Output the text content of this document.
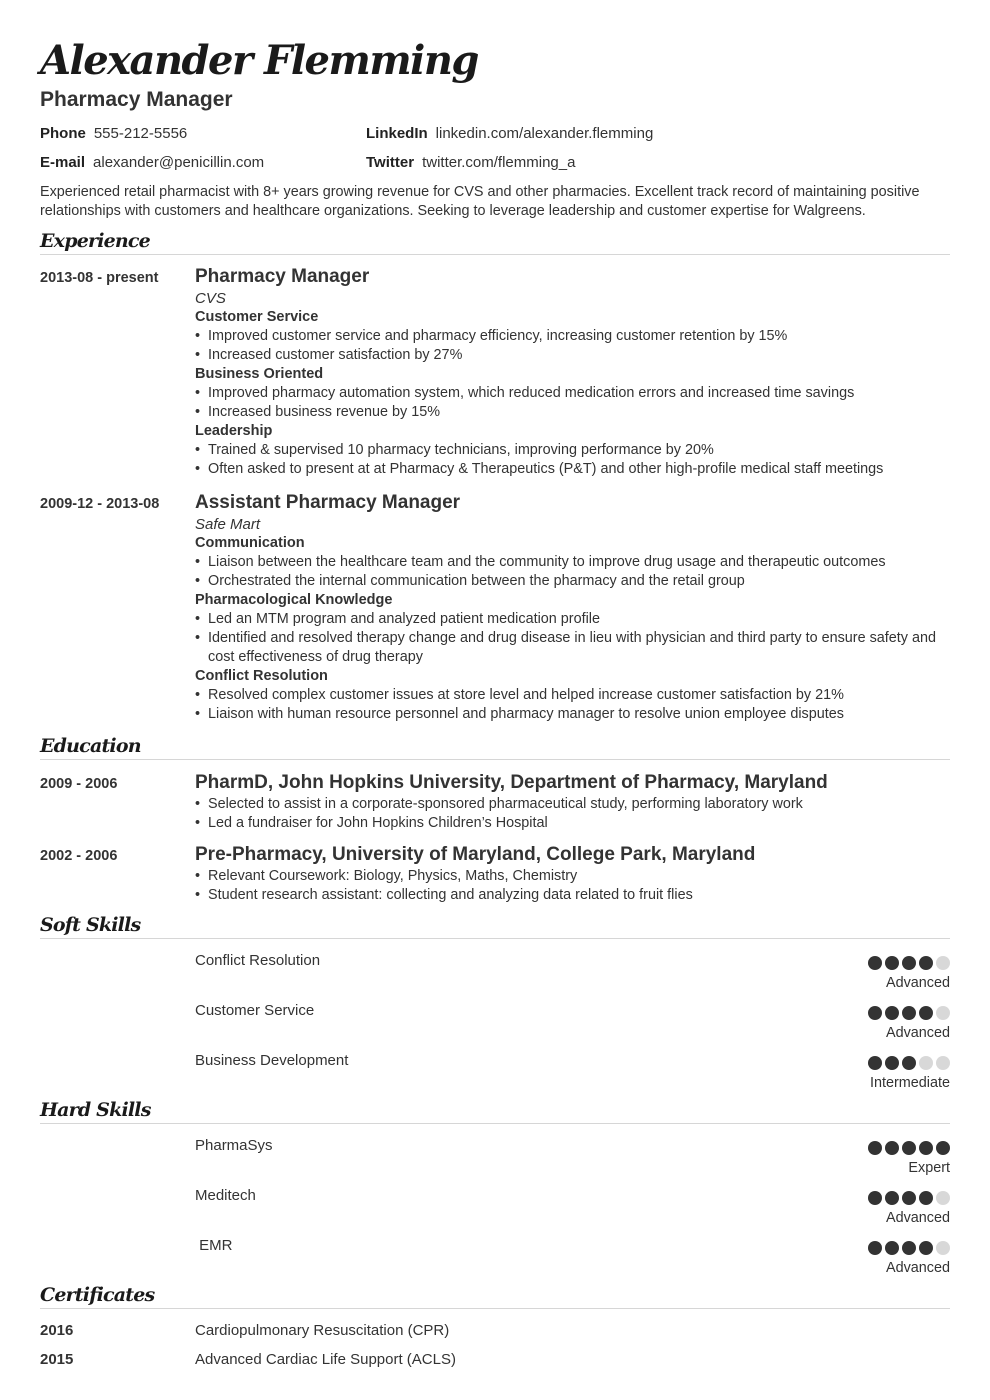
Alexander Flemming
Pharmacy Manager
Phone 555-212-5556
E-mail alexander@penicillin.com
LinkedIn linkedin.com/alexander.flemming
Twitter twitter.com/flemming_a

Experienced retail pharmacist with 8+ years growing revenue for CVS and other pharmacies. Excellent track record of maintaining positive relationships with customers and healthcare organizations. Seeking to leverage leadership and customer expertise for Walgreens.

Experience
2013-08 - present Pharmacy Manager
CVS
Customer Service
• Improved customer service and pharmacy efficiency, increasing customer retention by 15%
• Increased customer satisfaction by 27%
Business Oriented
• Improved pharmacy automation system, which reduced medication errors and increased time savings
• Increased business revenue by 15%
Leadership
• Trained & supervised 10 pharmacy technicians, improving performance by 20%
• Often asked to present at at Pharmacy & Therapeutics (P&T) and other high-profile medical staff meetings
2009-12 - 2013-08 Assistant Pharmacy Manager
Safe Mart
Communication
• Liaison between the healthcare team and the community to improve drug usage and therapeutic outcomes
• Orchestrated the internal communication between the pharmacy and the retail group
Pharmacological Knowledge
• Led an MTM program and analyzed patient medication profile
• Identified and resolved therapy change and drug disease in lieu with physician and third party to ensure safety and cost effectiveness of drug therapy
Conflict Resolution
• Resolved complex customer issues at store level and helped increase customer satisfaction by 21%
• Liaison with human resource personnel and pharmacy manager to resolve union employee disputes
Education
2009 - 2006	PharmD, John Hopkins University, Department of Pharmacy, Maryland
• Selected to assist in a corporate-sponsored pharmaceutical study, performing laboratory work
• Led a fundraiser for John Hopkins Children’s Hospital
2002 - 2006	Pre-Pharmacy, University of Maryland, College Park, Maryland
• Relevant Coursework: Biology, Physics, Maths, Chemistry
• Student research assistant: collecting and analyzing data related to fruit flies
Soft Skills
Conflict Resolution
Advanced
Customer Service
Advanced
Business Development
Intermediate
Hard Skills
PharmaSys
Expert
Meditech
Advanced
EMR
Advanced
Certificates
2016	Cardiopulmonary Resuscitation (CPR)
2015	Advanced Cardiac Life Support (ACLS)
